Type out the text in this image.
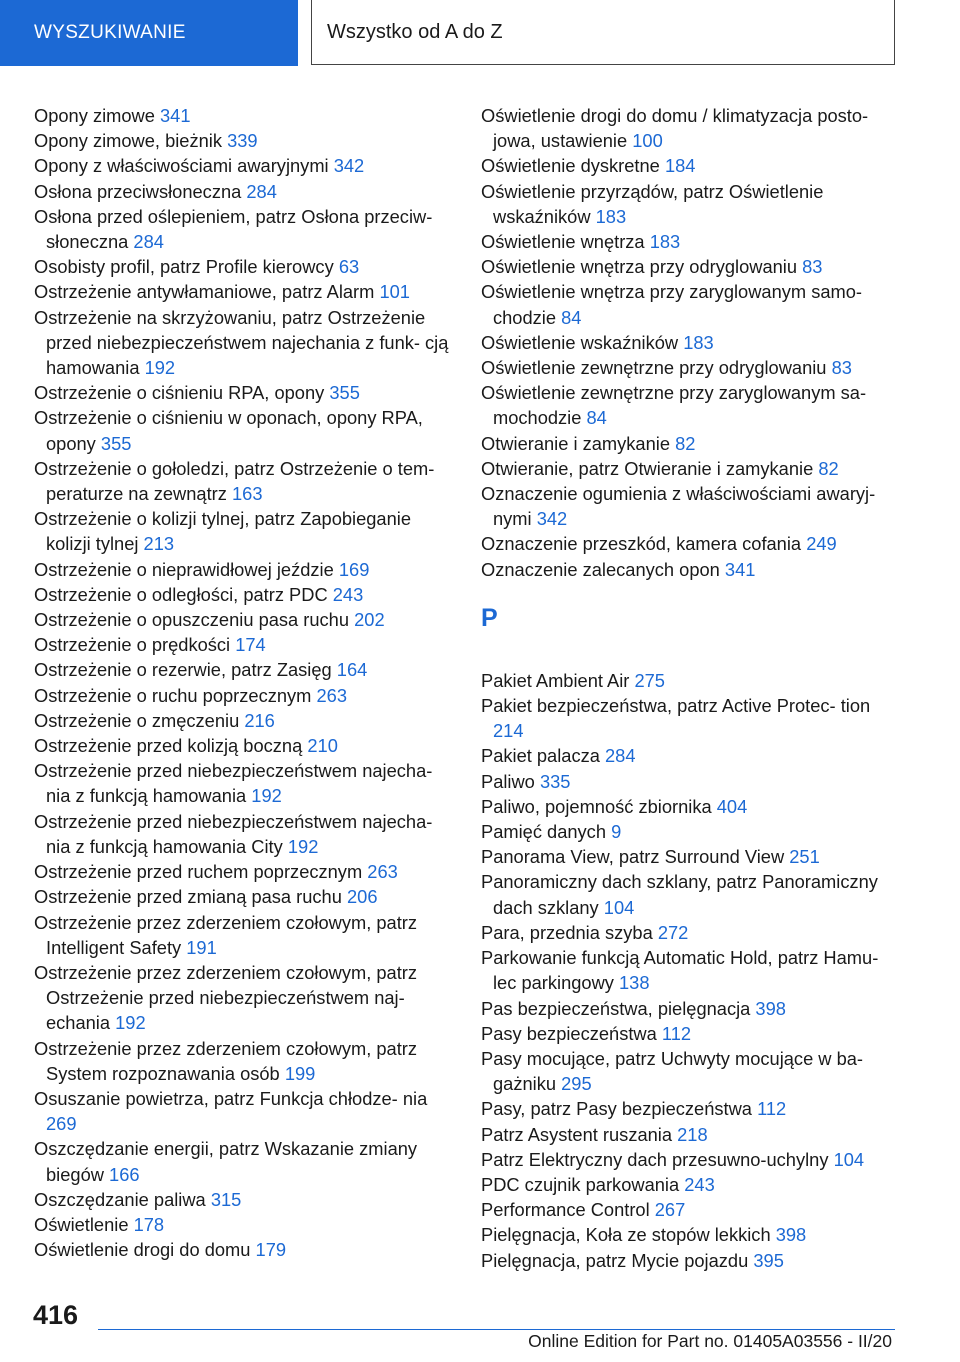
WYSZUKIWANIE	Wszystko od A do Z
Opony zimowe 341
Opony zimowe, bieżnik 339
Opony z właściwościami awaryjnymi 342
Osłona przeciwsłoneczna 284
Osłona przed oślepieniem, patrz Osłona przeciw‐ słoneczna 284
Osobisty profil, patrz Profile kierowcy 63
Ostrzeżenie antywłamaniowe, patrz Alarm 101
Ostrzeżenie na skrzyżowaniu, patrz Ostrzeżenie przed niebezpieczeństwem najechania z funk‐ cją hamowania 192
Ostrzeżenie o ciśnieniu RPA, opony 355
Ostrzeżenie o ciśnieniu w oponach, opony RPA, opony 355
Ostrzeżenie o gołoledzi, patrz Ostrzeżenie o tem‐ peraturze na zewnątrz 163
Ostrzeżenie o kolizji tylnej, patrz Zapobieganie kolizji tylnej 213
Ostrzeżenie o nieprawidłowej jeździe 169
Ostrzeżenie o odległości, patrz PDC 243
Ostrzeżenie o opuszczeniu pasa ruchu 202
Ostrzeżenie o prędkości 174
Ostrzeżenie o rezerwie, patrz Zasięg 164
Ostrzeżenie o ruchu poprzecznym 263
Ostrzeżenie o zmęczeniu 216
Ostrzeżenie przed kolizją boczną 210
Ostrzeżenie przed niebezpieczeństwem najecha‐ nia z funkcją hamowania 192
Ostrzeżenie przed niebezpieczeństwem najecha‐ nia z funkcją hamowania City 192
Ostrzeżenie przed ruchem poprzecznym 263
Ostrzeżenie przed zmianą pasa ruchu 206
Ostrzeżenie przez zderzeniem czołowym, patrz Intelligent Safety 191
Ostrzeżenie przez zderzeniem czołowym, patrz Ostrzeżenie przed niebezpieczeństwem naj‐ echania 192
Ostrzeżenie przez zderzeniem czołowym, patrz System rozpoznawania osób 199
Osuszanie powietrza, patrz Funkcja chłodze‐ nia 269
Oszczędzanie energii, patrz Wskazanie zmiany biegów 166
Oszczędzanie paliwa 315
Oświetlenie 178
Oświetlenie drogi do domu 179
Oświetlenie drogi do domu / klimatyzacja posto‐ jowa, ustawienie 100
Oświetlenie dyskretne 184
Oświetlenie przyrządów, patrz Oświetlenie wskaźników 183
Oświetlenie wnętrza 183
Oświetlenie wnętrza przy odryglowaniu 83
Oświetlenie wnętrza przy zaryglowanym samo‐ chodzie 84
Oświetlenie wskaźników 183
Oświetlenie zewnętrzne przy odryglowaniu 83
Oświetlenie zewnętrzne przy zaryglowanym sa‐ mochodzie 84
Otwieranie i zamykanie 82
Otwieranie, patrz Otwieranie i zamykanie 82
Oznaczenie ogumienia z właściwościami awaryj‐ nymi 342
Oznaczenie przeszkód, kamera cofania 249
Oznaczenie zalecanych opon 341
P
Pakiet Ambient Air 275
Pakiet bezpieczeństwa, patrz Active Protec‐ tion 214
Pakiet palacza 284
Paliwo 335
Paliwo, pojemność zbiornika 404
Pamięć danych 9
Panorama View, patrz Surround View 251
Panoramiczny dach szklany, patrz Panoramiczny dach szklany 104
Para, przednia szyba 272
Parkowanie funkcją Automatic Hold, patrz Hamu‐ lec parkingowy 138
Pas bezpieczeństwa, pielęgnacja 398
Pasy bezpieczeństwa 112
Pasy mocujące, patrz Uchwyty mocujące w ba‐ gażniku 295
Pasy, patrz Pasy bezpieczeństwa 112
Patrz Asystent ruszania 218
Patrz Elektryczny dach przesuwno-uchylny 104
PDC czujnik parkowania 243
Performance Control 267
Pielęgnacja, Koła ze stopów lekkich 398
Pielęgnacja, patrz Mycie pojazdu 395
416
Online Edition for Part no. 01405A03556 - II/20
